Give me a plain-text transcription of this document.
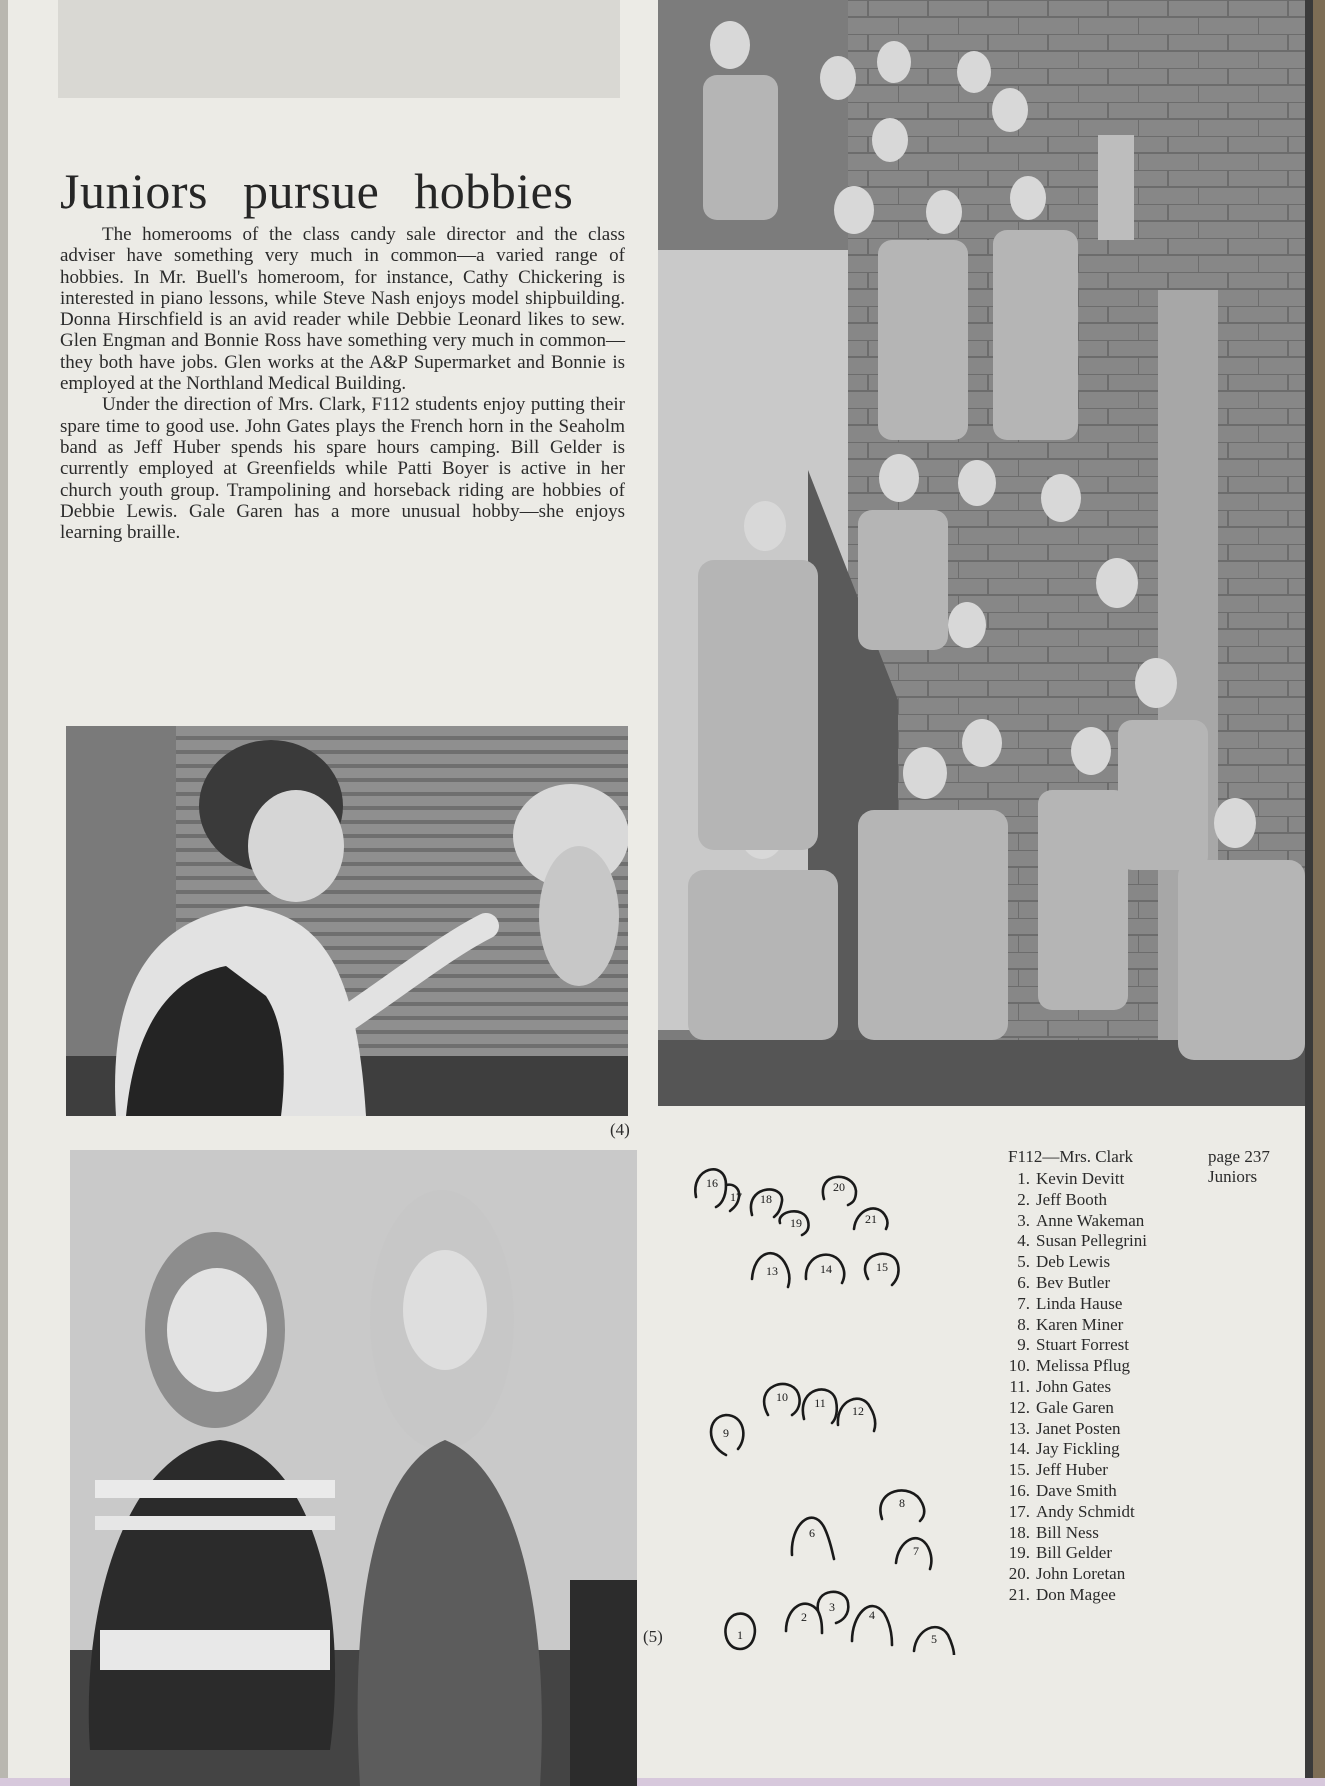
Juniors pursue hobbies

The homerooms of the class candy sale director and the class adviser have something very much in common—a varied range of hobbies. In Mr. Buell's homeroom, for instance, Cathy Chickering is interested in piano lessons, while Steve Nash enjoys model shipbuilding. Donna Hirschfield is an avid reader while Debbie Leonard likes to sew. Glen Engman and Bonnie Ross have something very much in common—they both have jobs. Glen works at the A&P Supermarket and Bonnie is employed at the Northland Medical Building.

Under the direction of Mrs. Clark, F112 students enjoy putting their spare time to good use. John Gates plays the French horn in the Seaholm band as Jeff Huber spends his spare hours camping. Bill Gelder is currently employed at Greenfields while Patti Boyer is active in her church youth group. Trampolining and horseback riding are hobbies of Debbie Lewis. Gale Garen has a more unusual hobby—she enjoys learning braille.

(4)
(5)
16
17 18
19
20
21
13	14	15
10 11
12
9
8
6
7
1
2
3
4
5
F112—Mrs. Clark
1. Kevin Devitt
2. Jeff Booth
3. Anne Wakeman
4. Susan Pellegrini
5. Deb Lewis
6. Bev Butler
7. Linda Hause
8. Karen Miner
9. Stuart Forrest
10. Melissa Pflug
11. John Gates
12. Gale Garen
13. Janet Posten
14. Jay Fickling
15. Jeff Huber
16. Dave Smith
17. Andy Schmidt
18. Bill Ness
19. Bill Gelder
20. John Loretan
21. Don Magee
page 237
Juniors
